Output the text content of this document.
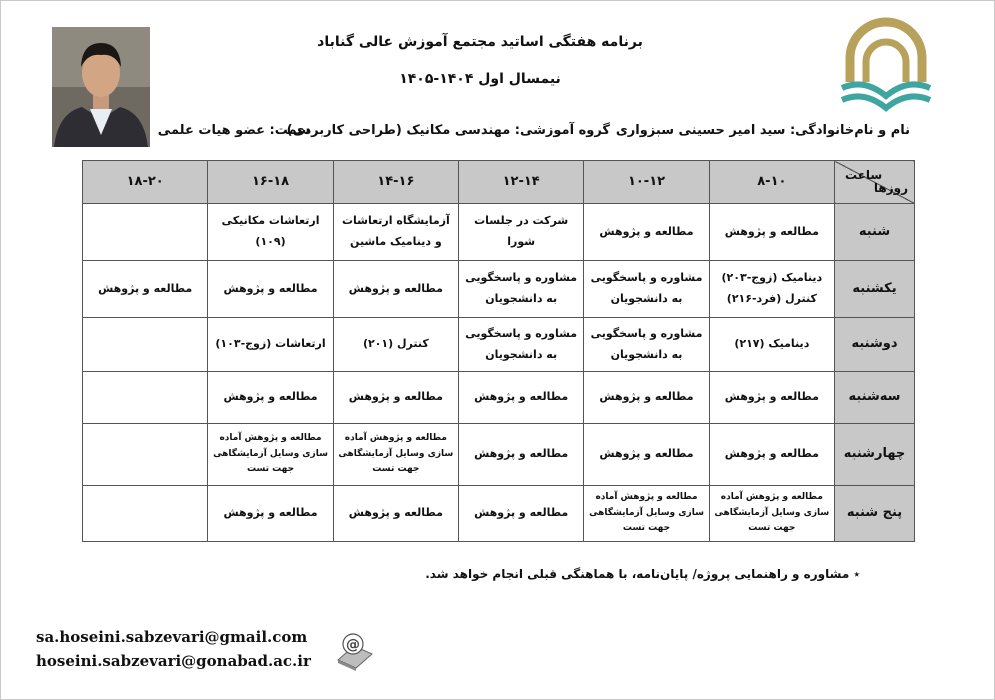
برنامه هفتگی اساتید مجتمع آموزش عالی گناباد
نیمسال اول ۱۴۰۴-۱۴۰۵
نام و نام‌خانوادگی: سید امیر حسینی سبزواری
گروه آموزشی: مهندسی مکانیک (طراحی کاربردی)
سمت: عضو هیات علمی
ساعت
روزها	۸-۱۰	۱۰-۱۲	۱۲-۱۴	۱۴-۱۶	۱۶-۱۸	۱۸-۲۰
شنبه	مطالعه و پژوهش	مطالعه و پژوهش	شرکت در جلسات شورا	آزمایشگاه ارتعاشات و دینامیک ماشین	ارتعاشات مکانیکی (۱۰۹)	
یکشنبه	دینامیک (زوج-۲۰۳) کنترل (فرد-۲۱۶)	مشاوره و پاسخگویی به دانشجویان	مشاوره و پاسخگویی به دانشجویان	مطالعه و پژوهش	مطالعه و پژوهش	مطالعه و پژوهش
دوشنبه	دینامیک (۲۱۷)	مشاوره و پاسخگویی به دانشجویان	مشاوره و پاسخگویی به دانشجویان	کنترل (۲۰۱)	ارتعاشات (زوج-۱۰۳)	
سه‌شنبه	مطالعه و پژوهش	مطالعه و پژوهش	مطالعه و پژوهش	مطالعه و پژوهش	مطالعه و پژوهش	
چهارشنبه	مطالعه و پژوهش	مطالعه و پژوهش	مطالعه و پژوهش	مطالعه و پژوهش آماده سازی وسایل آزمایشگاهی جهت تست	مطالعه و پژوهش آماده سازی وسایل آزمایشگاهی جهت تست	
پنج شنبه	مطالعه و پژوهش آماده سازی وسایل آزمایشگاهی جهت تست	مطالعه و پژوهش آماده سازی وسایل آزمایشگاهی جهت تست	مطالعه و پژوهش	مطالعه و پژوهش	مطالعه و پژوهش	
٭ مشاوره و راهنمایی پروژه/ پایان‌نامه، با هماهنگی قبلی انجام خواهد شد.
sa.hoseini.sabzevari@gmail.com
hoseini.sabzevari@gonabad.ac.ir
@
